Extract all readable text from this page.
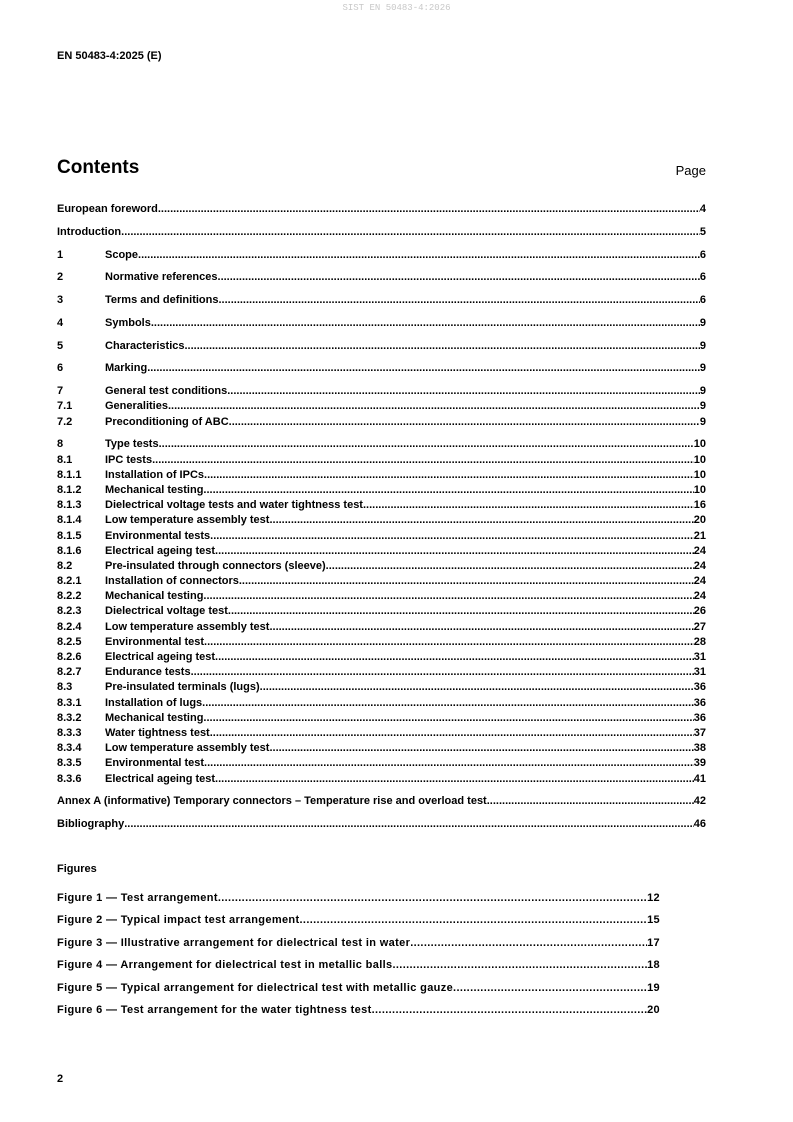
SIST EN 50483-4:2026
EN 50483-4:2025 (E)
Contents	Page
European foreword .....	4
Introduction .....	5
1	Scope .....	6
2	Normative references .....	6
3	Terms and definitions .....	6
4	Symbols .....	9
5	Characteristics .....	9
6	Marking .....	9
7	General test conditions .....	9
7.1	Generalities .....	9
7.2	Preconditioning of ABC .....	9
8	Type tests .....	10
8.1	IPC tests .....	10
8.1.1	Installation of IPCs .....	10
8.1.2	Mechanical testing .....	10
8.1.3	Dielectrical voltage tests and water tightness test .....	16
8.1.4	Low temperature assembly test .....	20
8.1.5	Environmental tests .....	21
8.1.6	Electrical ageing test .....	24
8.2	Pre-insulated through connectors (sleeve) .....	24
8.2.1	Installation of connectors .....	24
8.2.2	Mechanical testing .....	24
8.2.3	Dielectrical voltage test .....	26
8.2.4	Low temperature assembly test .....	27
8.2.5	Environmental test .....	28
8.2.6	Electrical ageing test .....	31
8.2.7	Endurance tests .....	31
8.3	Pre-insulated terminals (lugs) .....	36
8.3.1	Installation of lugs .....	36
8.3.2	Mechanical testing .....	36
8.3.3	Water tightness test .....	37
8.3.4	Low temperature assembly test .....	38
8.3.5	Environmental test .....	39
8.3.6	Electrical ageing test .....	41
Annex A (informative) Temporary connectors – Temperature rise and overload test .....	42
Bibliography .....	46
Figures
Figure 1 — Test arrangement .....	12
Figure 2 — Typical impact test arrangement .....	15
Figure 3 — Illustrative arrangement for dielectrical test in water .....	17
Figure 4 — Arrangement for dielectrical test in metallic balls .....	18
Figure 5 — Typical arrangement for dielectrical test with metallic gauze .....	19
Figure 6 — Test arrangement for the water tightness test .....	20
2
